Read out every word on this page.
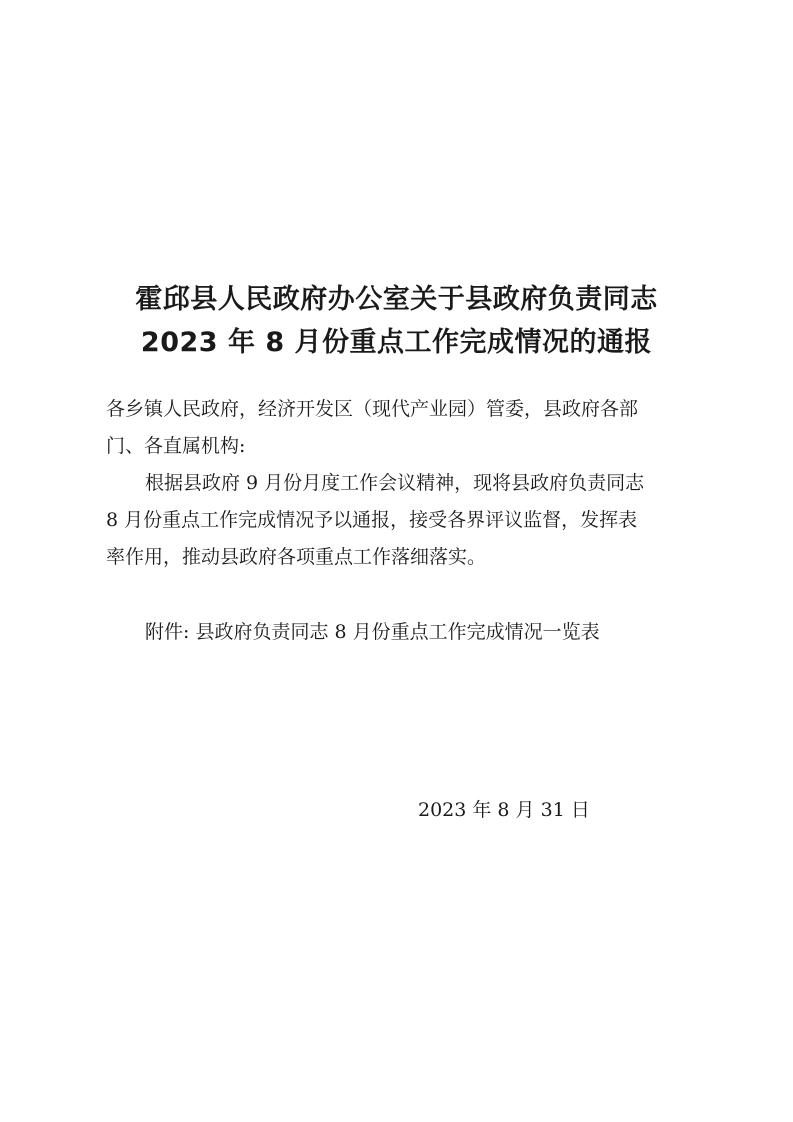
霍邱县人民政府办公室关于县政府负责同志
2023 年 8 月份重点工作完成情况的通报

各乡镇人民政府，经济开发区（现代产业园）管委，县政府各部

门、各直属机构:

根据县政府 9 月份月度工作会议精神，现将县政府负责同志

8 月份重点工作完成情况予以通报，接受各界评议监督，发挥表

率作用，推动县政府各项重点工作落细落实。

附件: 县政府负责同志 8 月份重点工作完成情况一览表

2023 年 8 月 31 日
